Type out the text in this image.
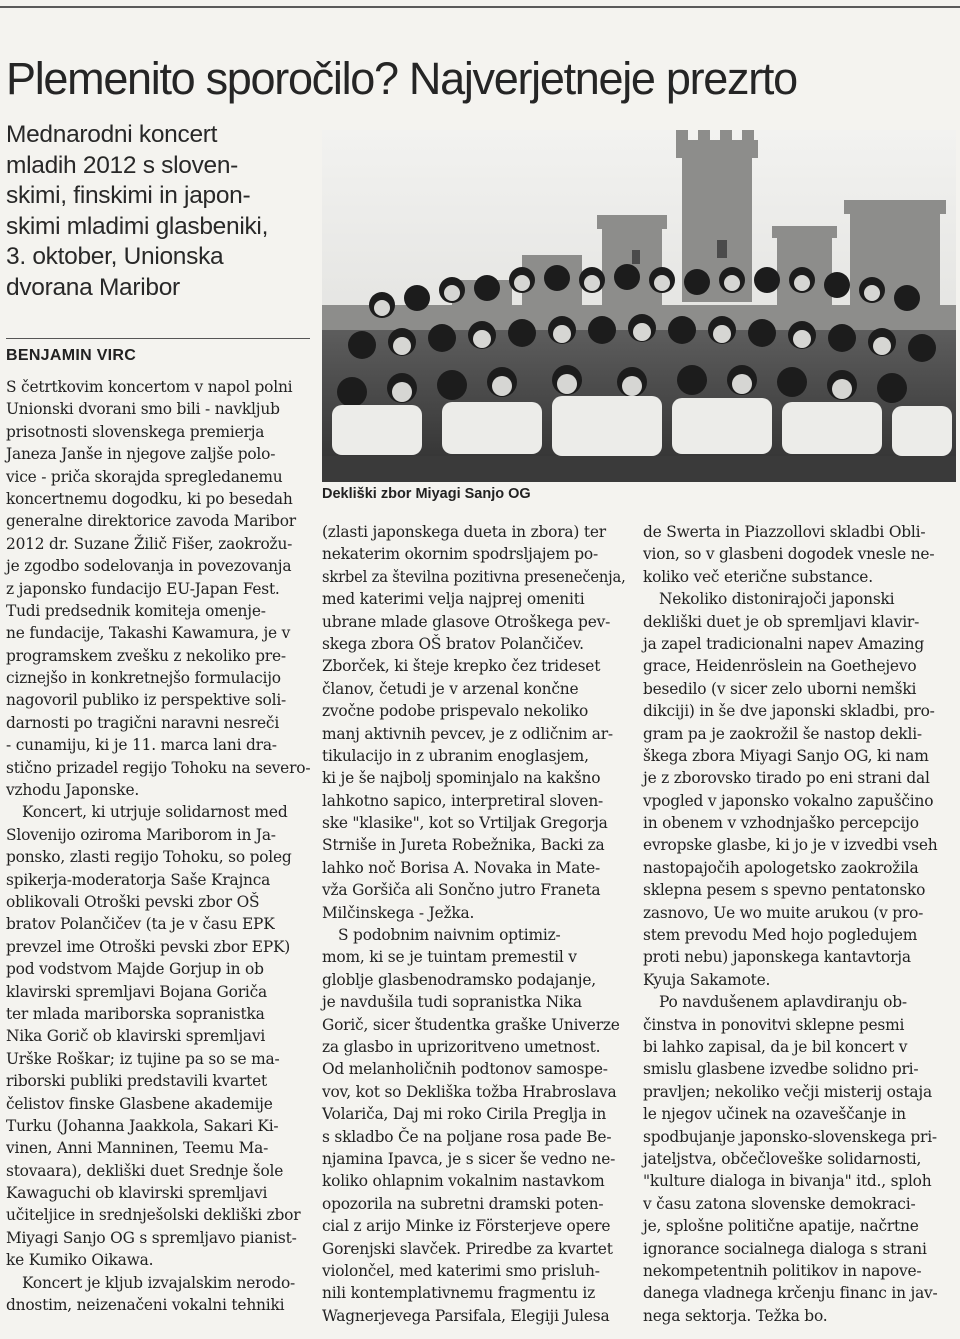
Plemenito sporočilo? Najverjetneje prezrto
Mednarodni koncert
mladih 2012 s sloven-
skimi, finskimi in japon-
skimi mladimi glasbeniki,
3. oktober, Unionska
dvorana Maribor
BENJAMIN VIRC
Dekliški zbor Miyagi Sanjo OG
S četrtkovim koncertom v napol polni
Unionski dvorani smo bili - navkljub
prisotnosti slovenskega premierja
Janeza Janše in njegove zaljše polo-
vice - priča skorajda spregledanemu
koncertnemu dogodku, ki po besedah
generalne direktorice zavoda Maribor
2012 dr. Suzane Žilič Fišer, zaokrožu-
je zgodbo sodelovanja in povezovanja
z japonsko fundacijo EU-Japan Fest.
Tudi predsednik komiteja omenje-
ne fundacije, Takashi Kawamura, je v
programskem zvešku z nekoliko pre-
ciznejšo in konkretnejšo formulacijo
nagovoril publiko iz perspektive soli-
darnosti po tragični naravni nesreči
- cunamiju, ki je 11. marca lani dra-
stično prizadel regijo Tohoku na severo-
vzhodu Japonske.
Koncert, ki utrjuje solidarnost med
Slovenijo oziroma Mariborom in Ja-
ponsko, zlasti regijo Tohoku, so poleg
spikerja-moderatorja Saše Krajnca
oblikovali Otroški pevski zbor OŠ
bratov Polančičev (ta je v času EPK
prevzel ime Otroški pevski zbor EPK)
pod vodstvom Majde Gorjup in ob
klavirski spremljavi Bojana Goriča
ter mlada mariborska sopranistka
Nika Gorič ob klavirski spremljavi
Urške Roškar; iz tujine pa so se ma-
riborski publiki predstavili kvartet
čelistov finske Glasbene akademije
Turku (Johanna Jaakkola, Sakari Ki-
vinen, Anni Manninen, Teemu Ma-
stovaara), dekliški duet Srednje šole
Kawaguchi ob klavirski spremljavi
učiteljice in srednješolski dekliški zbor
Miyagi Sanjo OG s spremljavo pianist-
ke Kumiko Oikawa.
Koncert je kljub izvajalskim nerodo-
dnostim, neizenačeni vokalni tehniki
(zlasti japonskega dueta in zbora) ter
nekaterim okornim spodrsljajem po-
skrbel za številna pozitivna presenečenja,
med katerimi velja najprej omeniti
ubrane mlade glasove Otroškega pev-
skega zbora OŠ bratov Polančičev.
Zborček, ki šteje krepko čez trideset
članov, četudi je v arzenal končne
zvočne podobe prispevalo nekoliko
manj aktivnih pevcev, je z odličnim ar-
tikulacijo in z ubranim enoglasjem,
ki je še najbolj spominjalo na kakšno
lahkotno sapico, interpretiral sloven-
ske "klasike", kot so Vrtiljak Gregorja
Strniše in Jureta Robežnika, Backi za
lahko noč Borisa A. Novaka in Mate-
vža Goršiča ali Sončno jutro Franeta
Milčinskega - Ježka.
S podobnim naivnim optimiz-
mom, ki se je tuintam premestil v
globlje glasbenodramsko podajanje,
je navdušila tudi sopranistka Nika
Gorič, sicer študentka graške Univerze
za glasbo in uprizoritveno umetnost.
Od melanholičnih podtonov samospe-
vov, kot so Dekliška tožba Hrabroslava
Volariča, Daj mi roko Cirila Preglja in
s skladbo Če na poljane rosa pade Be-
njamina Ipavca, je s sicer še vedno ne-
koliko ohlapnim vokalnim nastavkom
opozorila na subretni dramski poten-
cial z arijo Minke iz Försterjeve opere
Gorenjski slavček. Priredbe za kvartet
violončel, med katerimi smo prisluh-
nili kontemplativnemu fragmentu iz
Wagnerjevega Parsifala, Elegiji Julesa
de Swerta in Piazzollovi skladbi Obli-
vion, so v glasbeni dogodek vnesle ne-
koliko več eterične substance.
Nekoliko distonirajoči japonski
dekliški duet je ob spremljavi klavir-
ja zapel tradicionalni napev Amazing
grace, Heidenröslein na Goethejevo
besedilo (v sicer zelo uborni nemški
dikciji) in še dve japonski skladbi, pro-
gram pa je zaokrožil še nastop dekli-
škega zbora Miyagi Sanjo OG, ki nam
je z zborovsko tirado po eni strani dal
vpogled v japonsko vokalno zapuščino
in obenem v vzhodnjaško percepcijo
evropske glasbe, ki jo je v izvedbi vseh
nastopajočih apologetsko zaokrožila
sklepna pesem s spevno pentatonsko
zasnovo, Ue wo muite arukou (v pro-
stem prevodu Med hojo pogledujem
proti nebu) japonskega kantavtorja
Kyuja Sakamote.
Po navdušenem aplavdiranju ob-
činstva in ponovitvi sklepne pesmi
bi lahko zapisal, da je bil koncert v
smislu glasbene izvedbe solidno pri-
pravljen; nekoliko večji misterij ostaja
le njegov učinek na ozaveščanje in
spodbujanje japonsko-slovenskega pri-
jateljstva, občečloveške solidarnosti,
"kulture dialoga in bivanja" itd., sploh
v času zatona slovenske demokraci-
je, splošne politične apatije, načrtne
ignorance socialnega dialoga s strani
nekompetentnih politikov in napove-
danega vladnega krčenju financ in jav-
nega sektorja. Težka bo.
